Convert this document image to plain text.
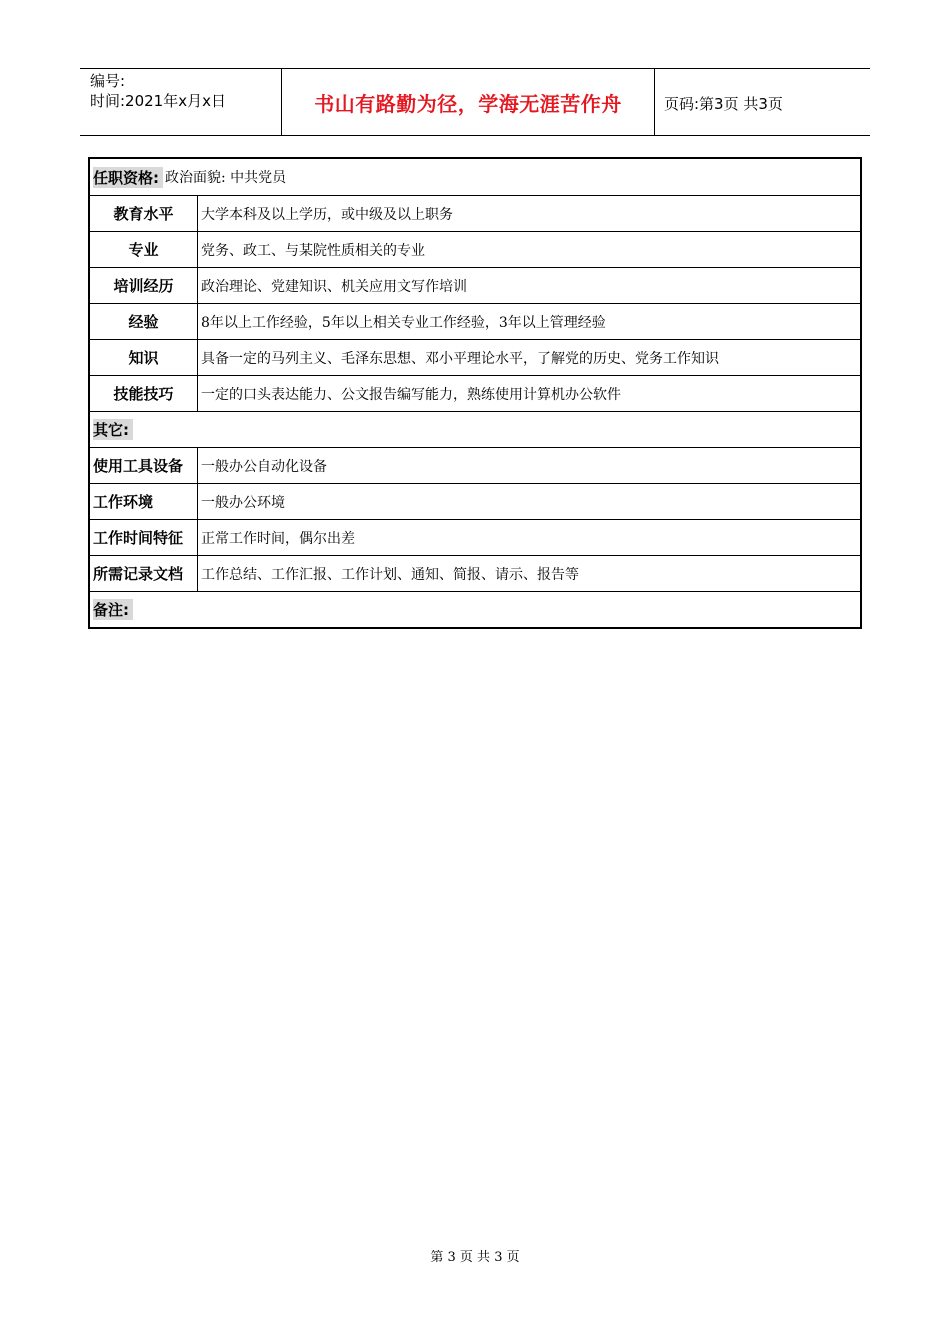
编号:
时间:2021年x月x日	书山有路勤为径，学海无涯苦作舟	页码:第3页 共3页
任职资格: 政治面貌: 中共党员
教育水平	大学本科及以上学历，或中级及以上职务
专业	党务、政工、与某院性质相关的专业
培训经历	政治理论、党建知识、机关应用文写作培训
经验	8年以上工作经验，5年以上相关专业工作经验，3年以上管理经验
知识	具备一定的马列主义、毛泽东思想、邓小平理论水平，了解党的历史、党务工作知识
技能技巧	一定的口头表达能力、公文报告编写能力，熟练使用计算机办公软件
其它:
使用工具设备	一般办公自动化设备
工作环境	一般办公环境
工作时间特征	正常工作时间，偶尔出差
所需记录文档	工作总结、工作汇报、工作计划、通知、简报、请示、报告等
备注:
第 3 页 共 3 页
